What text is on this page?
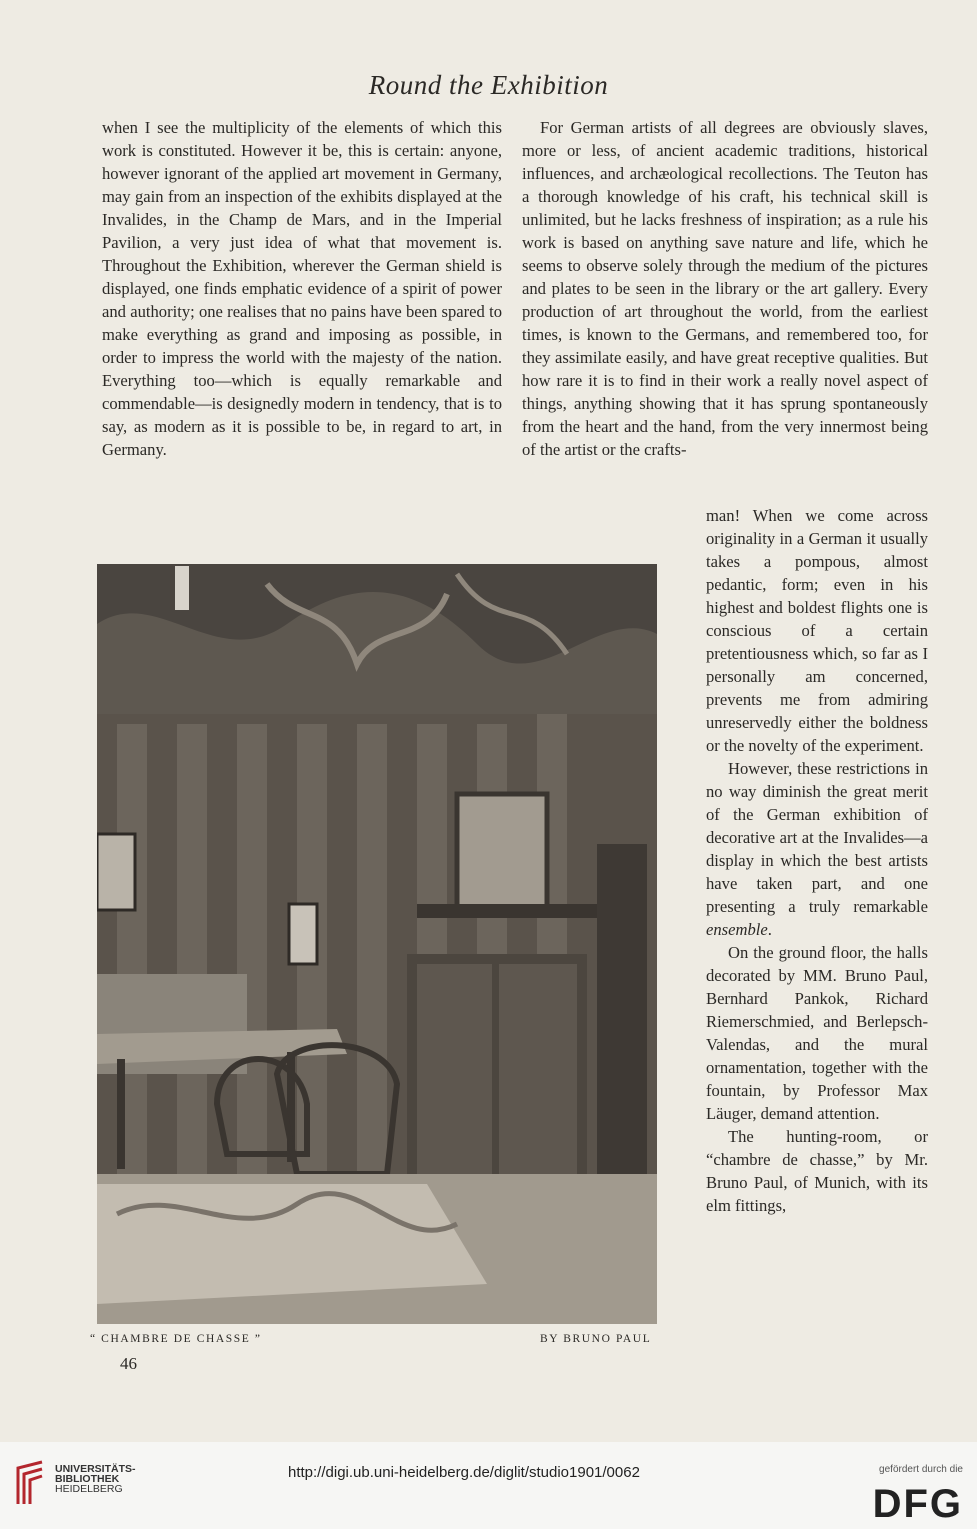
Round the Exhibition

when I see the multiplicity of the elements of which this work is constituted. However it be, this is certain: anyone, however ignorant of the applied art movement in Germany, may gain from an inspection of the exhibits displayed at the Invalides, in the Champ de Mars, and in the Imperial Pavilion, a very just idea of what that movement is. Throughout the Exhibition, wherever the German shield is displayed, one finds emphatic evidence of a spirit of power and authority; one realises that no pains have been spared to make everything as grand and imposing as possible, in order to impress the world with the majesty of the nation. Everything too—which is equally remarkable and commendable—is designedly modern in tendency, that is to say, as modern as it is possible to be, in regard to art, in Germany.

For German artists of all degrees are obviously slaves, more or less, of ancient academic traditions, historical influences, and archæological recollections. The Teuton has a thorough knowledge of his craft, his technical skill is unlimited, but he lacks freshness of inspiration; as a rule his work is based on anything save nature and life, which he seems to observe solely through the medium of the pictures and plates to be seen in the library or the art gallery. Every production of art throughout the world, from the earliest times, is known to the Germans, and remembered too, for they assimilate easily, and have great receptive qualities. But how rare it is to find in their work a really novel aspect of things, anything showing that it has sprung spontaneously from the heart and the hand, from the very innermost being of the artist or the crafts-

man! When we come across originality in a German it usually takes a pompous, almost pedantic, form; even in his highest and boldest flights one is conscious of a certain pretentiousness which, so far as I personally am concerned, prevents me from admiring unreservedly either the boldness or the novelty of the experiment.

However, these restrictions in no way diminish the great merit of the German exhibition of decorative art at the Invalides—a display in which the best artists have taken part, and one presenting a truly remarkable ensemble.

On the ground floor, the halls decorated by MM. Bruno Paul, Bernhard Pankok, Richard Riemerschmied, and Berlepsch-Valendas, and the mural ornamentation, together with the fountain, by Professor Max Läuger, demand attention.

The hunting-room, or “chambre de chasse,” by Mr. Bruno Paul, of Munich, with its elm fittings,

“ CHAMBRE DE CHASSE ”	BY BRUNO PAUL
46
UNIVERSITÄTS-
BIBLIOTHEK
HEIDELBERG
http://digi.ub.uni-heidelberg.de/diglit/studio1901/0062	gefördert durch die
DFG
